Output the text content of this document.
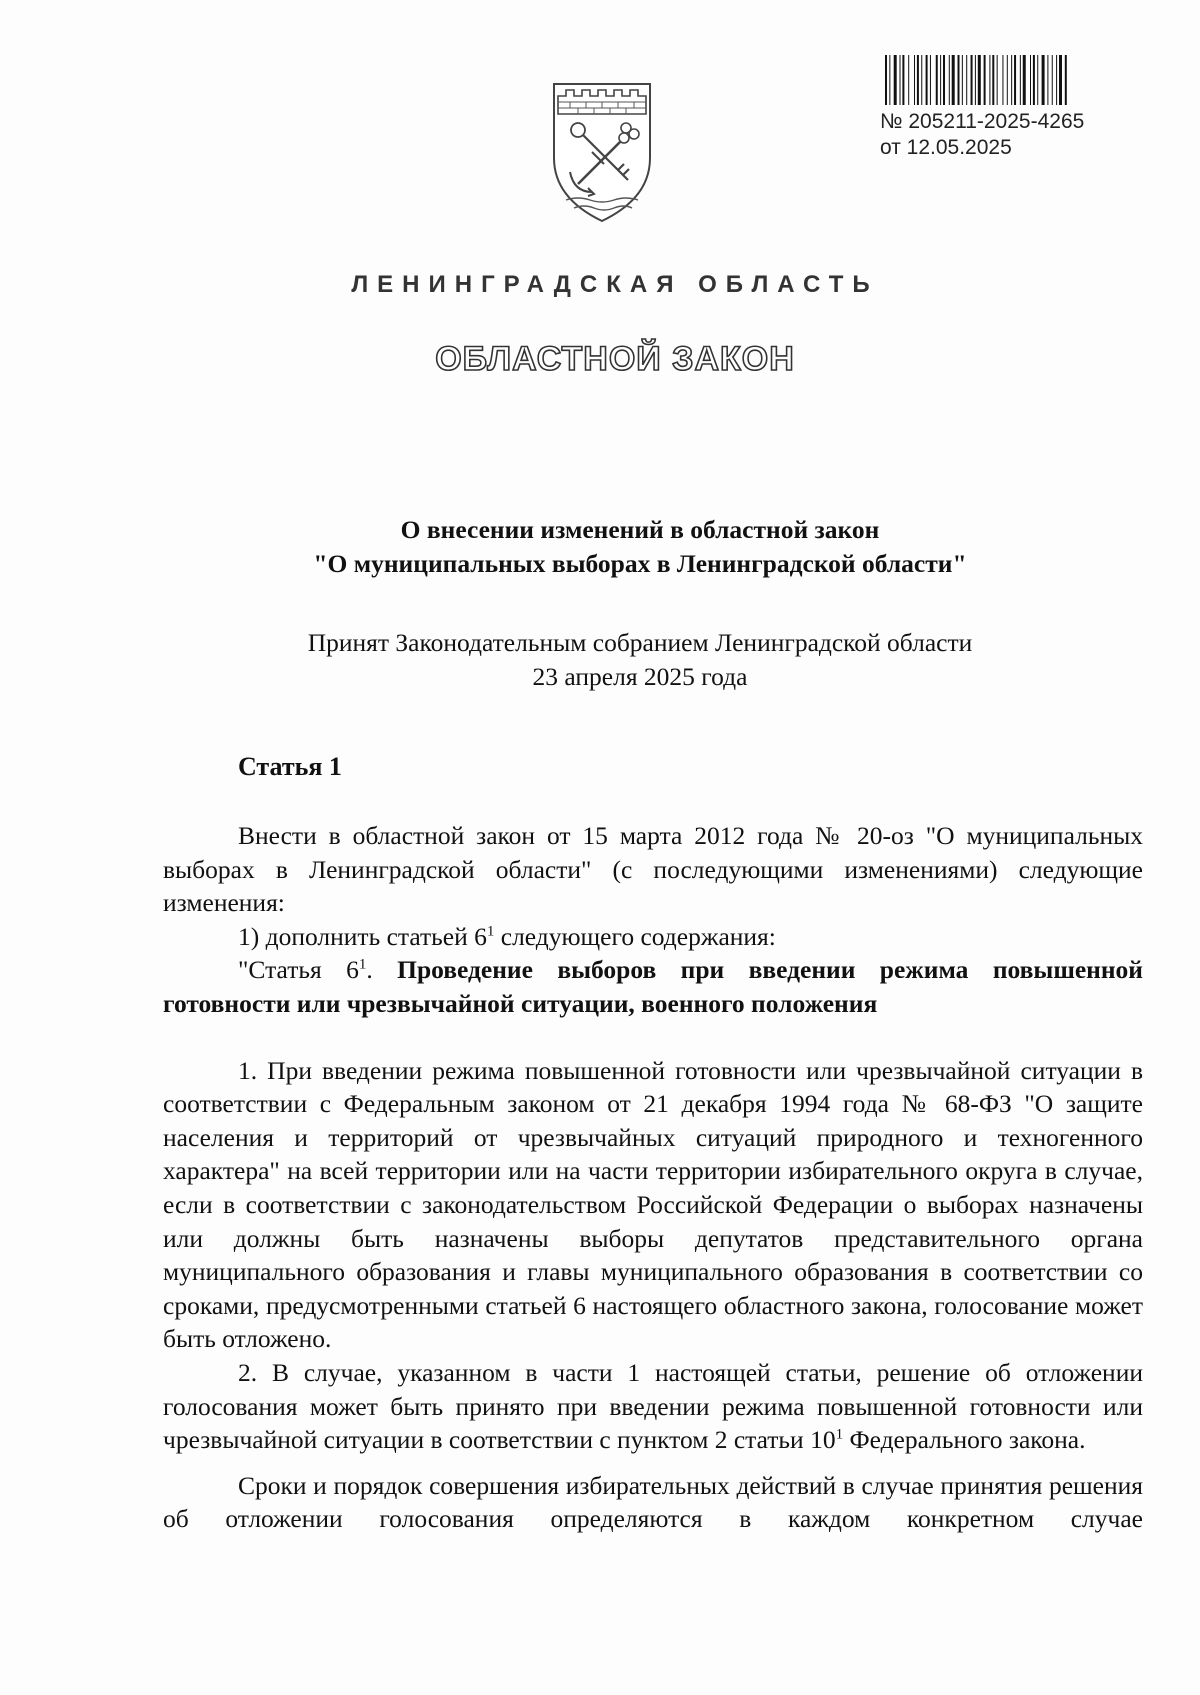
№ 205211-2025-4265
от 12.05.2025
ЛЕНИНГРАДСКАЯ ОБЛАСТЬ
ОБЛАСТНОЙ ЗАКОН
О внесении изменений в областной закон
"О муниципальных выборах в Ленинградской области"
Принят Законодательным собранием Ленинградской области
23 апреля 2025 года
Статья 1

Внести в областной закон от 15 марта 2012 года № 20-оз "О муниципальных выборах в Ленинградской области" (с последующими изменениями) следующие изменения:

1) дополнить статьей $6^1$ следующего содержания:

"Статья $6^1$. Проведение выборов при введении режима повышенной готовности или чрезвычайной ситуации, военного положения

1. При введении режима повышенной готовности или чрезвычайной ситуации в соответствии с Федеральным законом от 21 декабря 1994 года № 68-ФЗ "О защите населения и территорий от чрезвычайных ситуаций природного и техногенного характера" на всей территории или на части территории избирательного округа в случае, если в соответствии с законодательством Российской Федерации о выборах назначены или должны быть назначены выборы депутатов представительного органа муниципального образования и главы муниципального образования в соответствии со сроками, предусмотренными статьей 6 настоящего областного закона, голосование может быть отложено.

2. В случае, указанном в части 1 настоящей статьи, решение об отложении голосования может быть принято при введении режима повышенной готовности или чрезвычайной ситуации в соответствии с пунктом 2 статьи $10^1$ Федерального закона.

Сроки и порядок совершения избирательных действий в случае принятия решения об отложении голосования определяются в каждом конкретном случае
